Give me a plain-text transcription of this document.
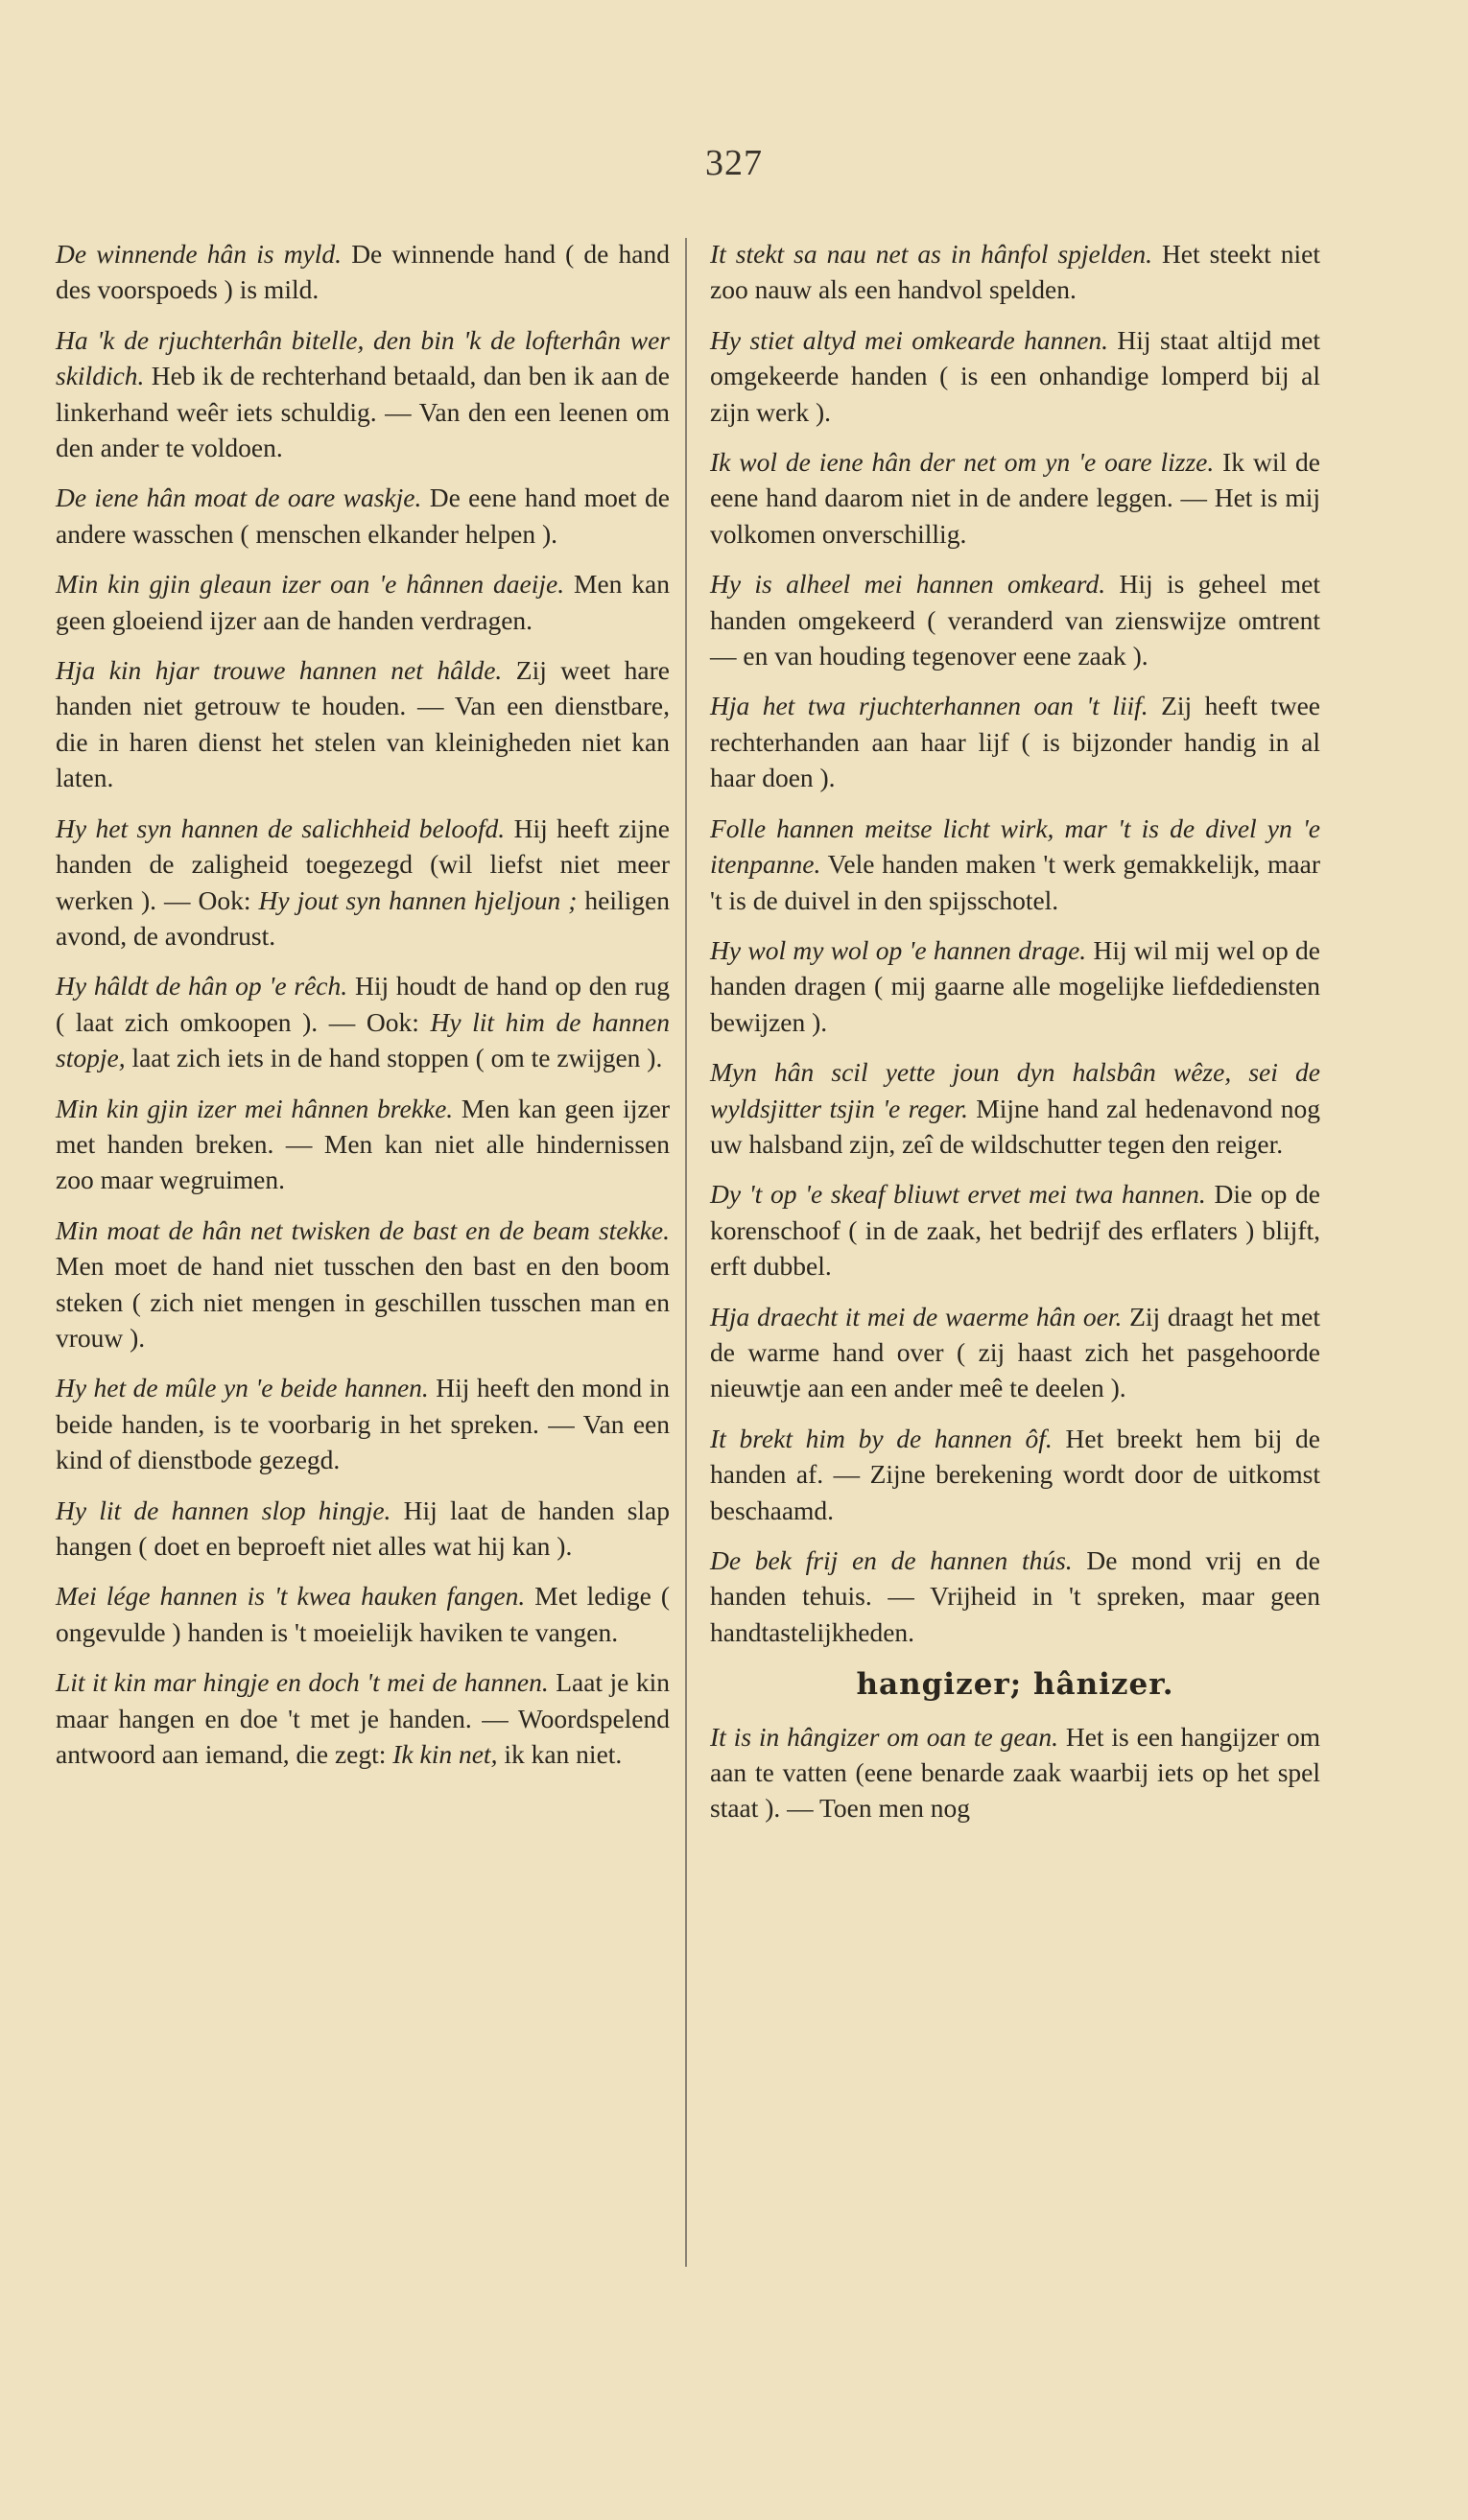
327

De winnende hân is myld. De winnende hand ( de hand des voorspoeds ) is mild.

Ha 'k de rjuchterhân bitelle, den bin 'k de lofterhân wer skildich. Heb ik de rechterhand betaald, dan ben ik aan de linkerhand weêr iets schuldig. — Van den een leenen om den ander te voldoen.

De iene hân moat de oare waskje. De eene hand moet de andere wasschen ( menschen elkander helpen ).

Min kin gjin gleaun izer oan 'e hânnen daeije. Men kan geen gloeiend ijzer aan de handen verdragen.

Hja kin hjar trouwe hannen net hâlde. Zij weet hare handen niet getrouw te houden. — Van een dienstbare, die in haren dienst het stelen van kleinigheden niet kan laten.

Hy het syn hannen de salichheid beloofd. Hij heeft zijne handen de zaligheid toegezegd (wil liefst niet meer werken ). — Ook: Hy jout syn hannen hjeljoun ; heiligen avond, de avondrust.

Hy hâldt de hân op 'e rêch. Hij houdt de hand op den rug ( laat zich omkoopen ). — Ook: Hy lit him de hannen stopje, laat zich iets in de hand stoppen ( om te zwijgen ).

Min kin gjin izer mei hânnen brekke. Men kan geen ijzer met handen breken. — Men kan niet alle hindernissen zoo maar wegruimen.

Min moat de hân net twisken de bast en de beam stekke. Men moet de hand niet tusschen den bast en den boom steken ( zich niet mengen in geschillen tusschen man en vrouw ).

Hy het de mûle yn 'e beide hannen. Hij heeft den mond in beide handen, is te voorbarig in het spreken. — Van een kind of dienstbode gezegd.

Hy lit de hannen slop hingje. Hij laat de handen slap hangen ( doet en beproeft niet alles wat hij kan ).

Mei lége hannen is 't kwea hauken fangen. Met ledige ( ongevulde ) handen is 't moeielijk haviken te vangen.

Lit it kin mar hingje en doch 't mei de hannen. Laat je kin maar hangen en doe 't met je handen. — Woordspelend antwoord aan iemand, die zegt: Ik kin net, ik kan niet.

It stekt sa nau net as in hânfol spjelden. Het steekt niet zoo nauw als een handvol spelden.

Hy stiet altyd mei omkearde hannen. Hij staat altijd met omgekeerde handen ( is een onhandige lomperd bij al zijn werk ).

Ik wol de iene hân der net om yn 'e oare lizze. Ik wil de eene hand daarom niet in de andere leggen. — Het is mij volkomen onverschillig.

Hy is alheel mei hannen omkeard. Hij is geheel met handen omgekeerd ( veranderd van zienswijze omtrent — en van houding tegenover eene zaak ).

Hja het twa rjuchterhannen oan 't liif. Zij heeft twee rechterhanden aan haar lijf ( is bijzonder handig in al haar doen ).

Folle hannen meitse licht wirk, mar 't is de divel yn 'e itenpanne. Vele handen maken 't werk gemakkelijk, maar 't is de duivel in den spijsschotel.

Hy wol my wol op 'e hannen drage. Hij wil mij wel op de handen dragen ( mij gaarne alle mogelijke liefdediensten bewijzen ).

Myn hân scil yette joun dyn halsbân wêze, sei de wyldsjitter tsjin 'e reger. Mijne hand zal hedenavond nog uw halsband zijn, zeî de wildschutter tegen den reiger.

Dy 't op 'e skeaf bliuwt ervet mei twa hannen. Die op de korenschoof ( in de zaak, het bedrijf des erflaters ) blijft, erft dubbel.

Hja draecht it mei de waerme hân oer. Zij draagt het met de warme hand over ( zij haast zich het pasgehoorde nieuwtje aan een ander meê te deelen ).

It brekt him by de hannen ôf. Het breekt hem bij de handen af. — Zijne berekening wordt door de uitkomst beschaamd.

De bek frij en de hannen thús. De mond vrij en de handen tehuis. — Vrijheid in 't spreken, maar geen handtastelijkheden.

hangizer; hânizer.

It is in hângizer om oan te gean. Het is een hangijzer om aan te vatten (eene benarde zaak waarbij iets op het spel staat ). — Toen men nog
